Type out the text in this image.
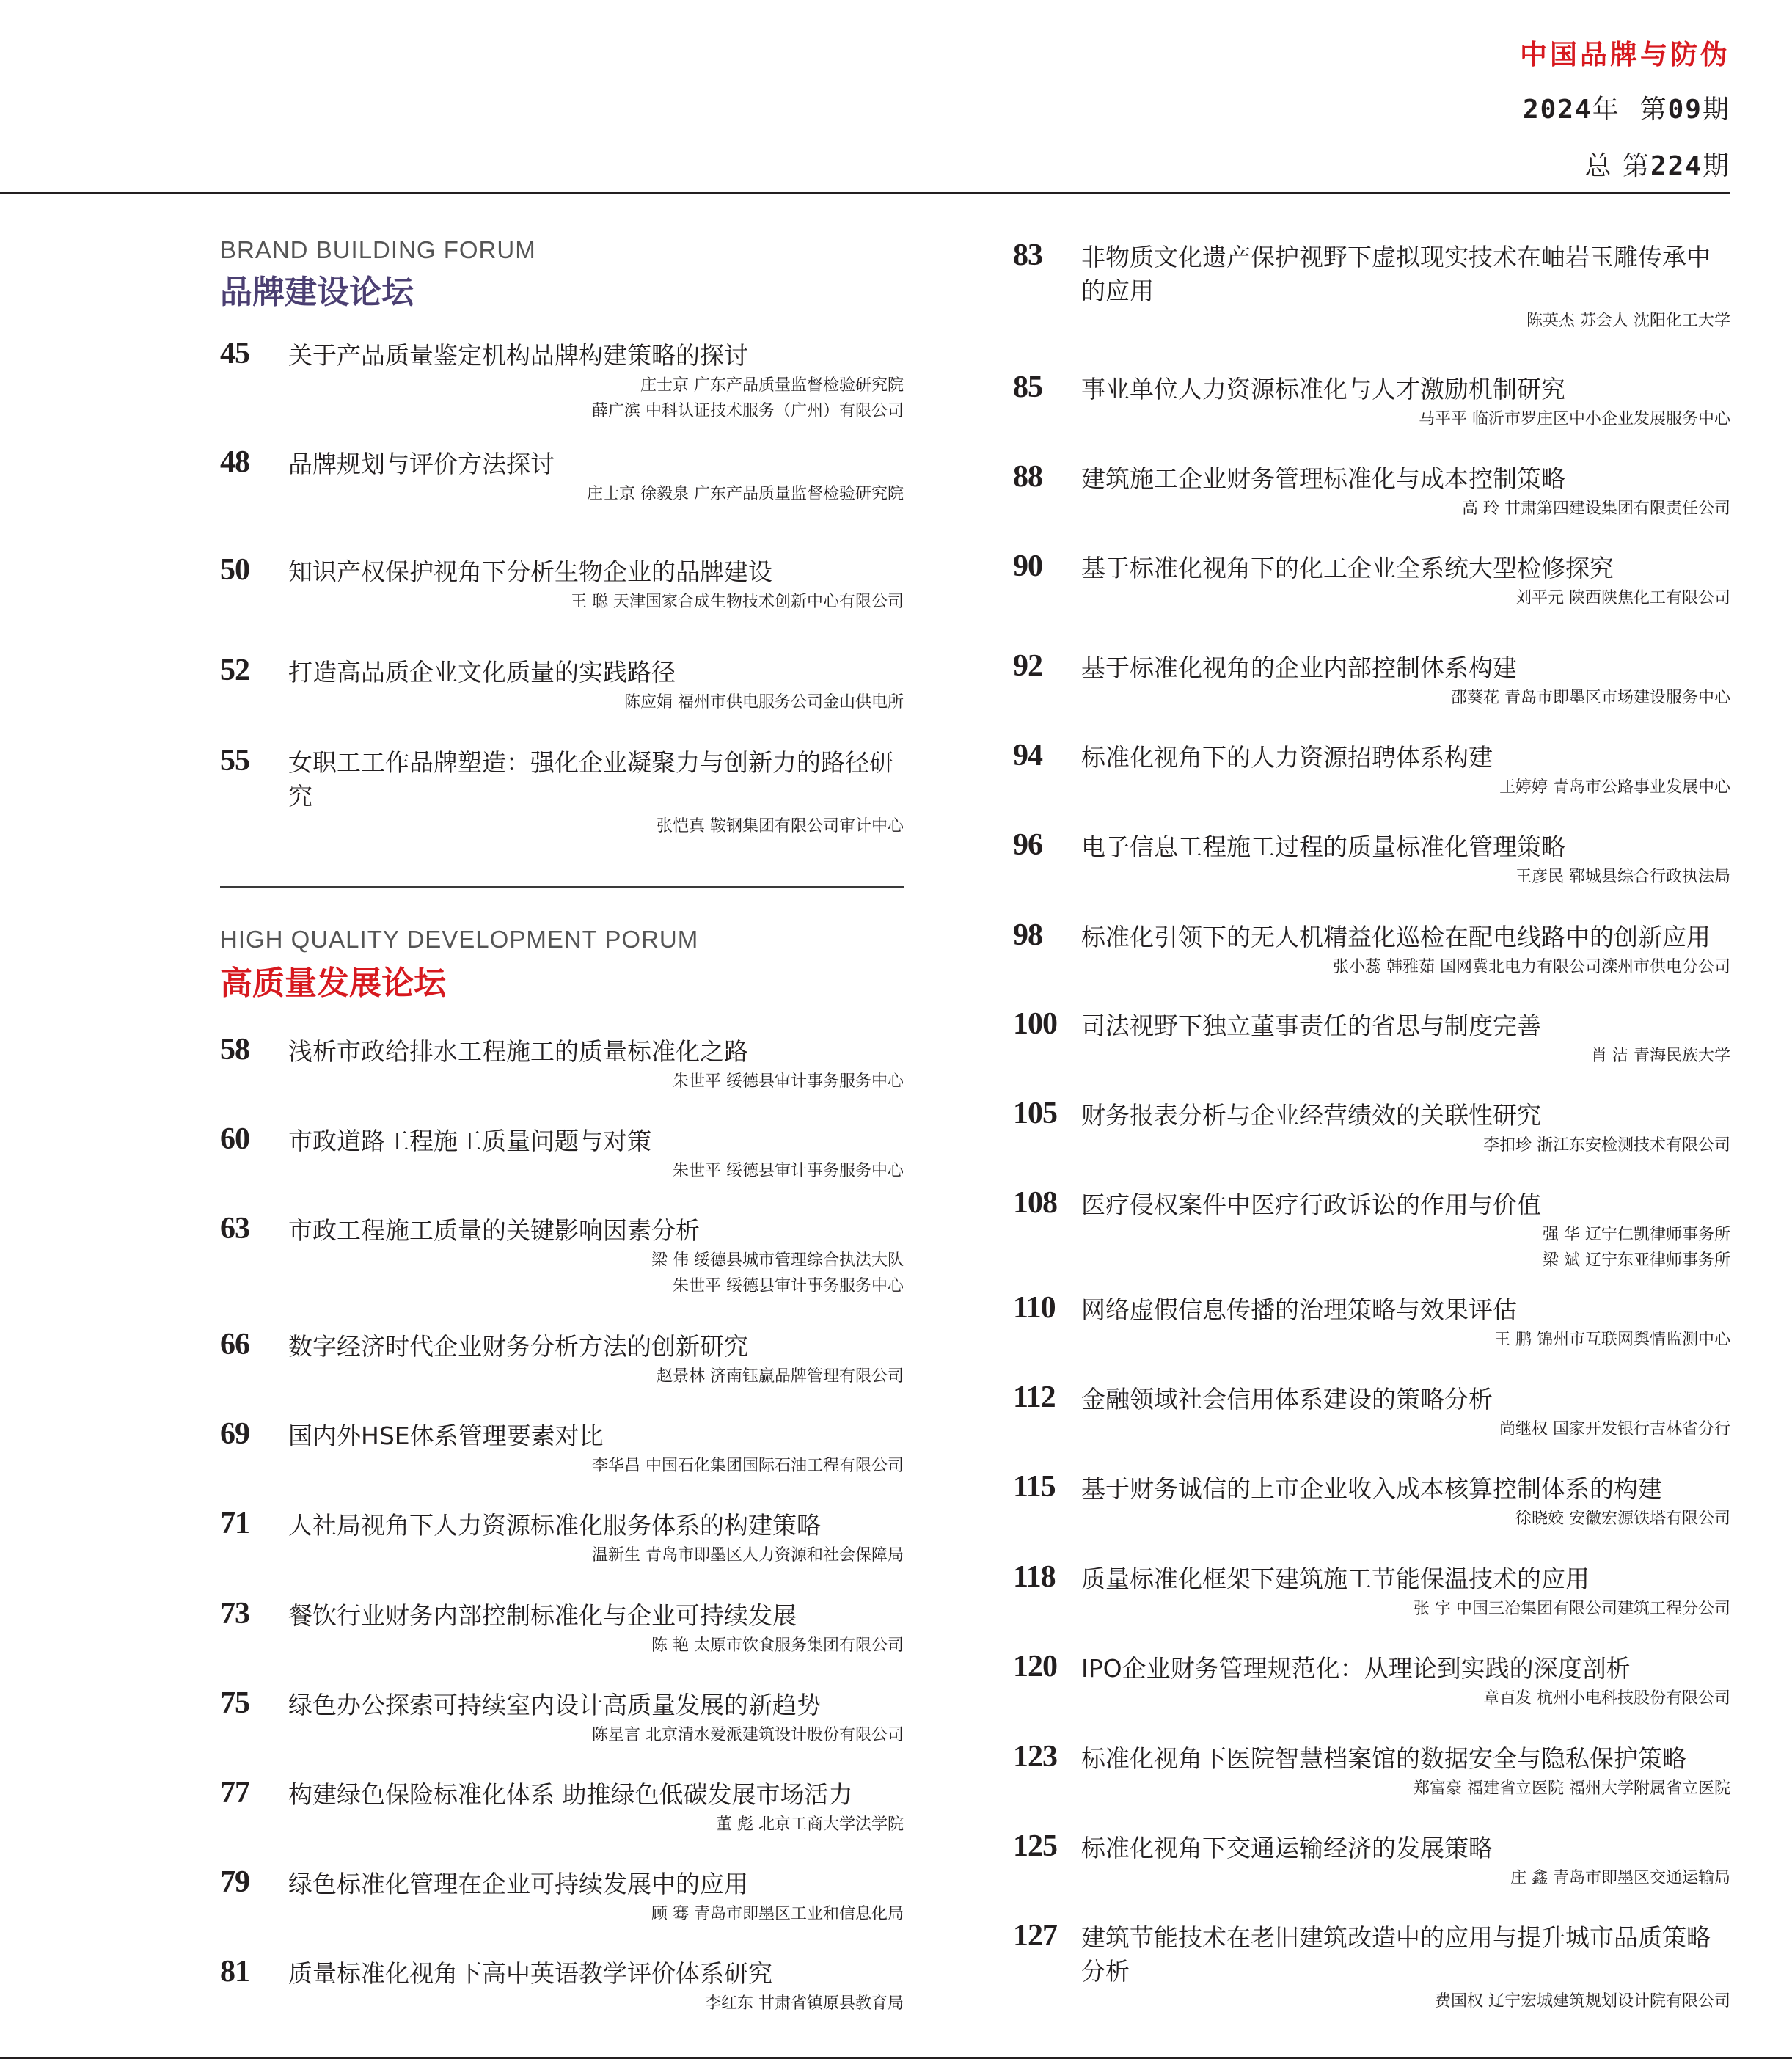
中国品牌与防伪
2024年 第09期
总 第224期
BRAND BUILDING FORUM
品牌建设论坛
45 关于产品质量鉴定机构品牌构建策略的探讨
庄士京 广东产品质量监督检验研究院
薛广滨 中科认证技术服务（广州）有限公司
48 品牌规划与评价方法探讨
庄士京 徐毅泉 广东产品质量监督检验研究院
50 知识产权保护视角下分析生物企业的品牌建设
王 聪 天津国家合成生物技术创新中心有限公司
52 打造高品质企业文化质量的实践路径
陈应娟 福州市供电服务公司金山供电所
55 女职工工作品牌塑造：强化企业凝聚力与创新力的路径研究
张恺真 鞍钢集团有限公司审计中心
HIGH QUALITY DEVELOPMENT PORUM
高质量发展论坛
58 浅析市政给排水工程施工的质量标准化之路
朱世平 绥德县审计事务服务中心
60 市政道路工程施工质量问题与对策
朱世平 绥德县审计事务服务中心
63 市政工程施工质量的关键影响因素分析
梁 伟 绥德县城市管理综合执法大队
朱世平 绥德县审计事务服务中心
66 数字经济时代企业财务分析方法的创新研究
赵景林 济南钰赢品牌管理有限公司
69 国内外HSE体系管理要素对比
李华昌 中国石化集团国际石油工程有限公司
71 人社局视角下人力资源标准化服务体系的构建策略
温新生 青岛市即墨区人力资源和社会保障局
73 餐饮行业财务内部控制标准化与企业可持续发展
陈 艳 太原市饮食服务集团有限公司
75 绿色办公探索可持续室内设计高质量发展的新趋势
陈星言 北京清水爱派建筑设计股份有限公司
77 构建绿色保险标准化体系 助推绿色低碳发展市场活力
董 彪 北京工商大学法学院
79 绿色标准化管理在企业可持续发展中的应用
顾 骞 青岛市即墨区工业和信息化局
81 质量标准化视角下高中英语教学评价体系研究
李红东 甘肃省镇原县教育局
83 非物质文化遗产保护视野下虚拟现实技术在岫岩玉雕传承中的应用
陈英杰 苏会人 沈阳化工大学
85 事业单位人力资源标准化与人才激励机制研究
马平平 临沂市罗庄区中小企业发展服务中心
88 建筑施工企业财务管理标准化与成本控制策略
高 玲 甘肃第四建设集团有限责任公司
90 基于标准化视角下的化工企业全系统大型检修探究
刘平元 陕西陕焦化工有限公司
92 基于标准化视角的企业内部控制体系构建
邵葵花 青岛市即墨区市场建设服务中心
94 标准化视角下的人力资源招聘体系构建
王婷婷 青岛市公路事业发展中心
96 电子信息工程施工过程的质量标准化管理策略
王彦民 郓城县综合行政执法局
98 标准化引领下的无人机精益化巡检在配电线路中的创新应用
张小蕊 韩雅茹 国网冀北电力有限公司滦州市供电分公司
100 司法视野下独立董事责任的省思与制度完善
肖 洁 青海民族大学
105 财务报表分析与企业经营绩效的关联性研究
李扣珍 浙江东安检测技术有限公司
108 医疗侵权案件中医疗行政诉讼的作用与价值
强 华 辽宁仁凯律师事务所
梁 斌 辽宁东亚律师事务所
110 网络虚假信息传播的治理策略与效果评估
王 鹏 锦州市互联网舆情监测中心
112 金融领域社会信用体系建设的策略分析
尚继权 国家开发银行吉林省分行
115 基于财务诚信的上市企业收入成本核算控制体系的构建
徐晓姣 安徽宏源铁塔有限公司
118 质量标准化框架下建筑施工节能保温技术的应用
张 宇 中国三冶集团有限公司建筑工程分公司
120 IPO企业财务管理规范化：从理论到实践的深度剖析
章百发 杭州小电科技股份有限公司
123 标准化视角下医院智慧档案馆的数据安全与隐私保护策略
郑富豪 福建省立医院 福州大学附属省立医院
125 标准化视角下交通运输经济的发展策略
庄 鑫 青岛市即墨区交通运输局
127 建筑节能技术在老旧建筑改造中的应用与提升城市品质策略分析
费国权 辽宁宏城建筑规划设计院有限公司
